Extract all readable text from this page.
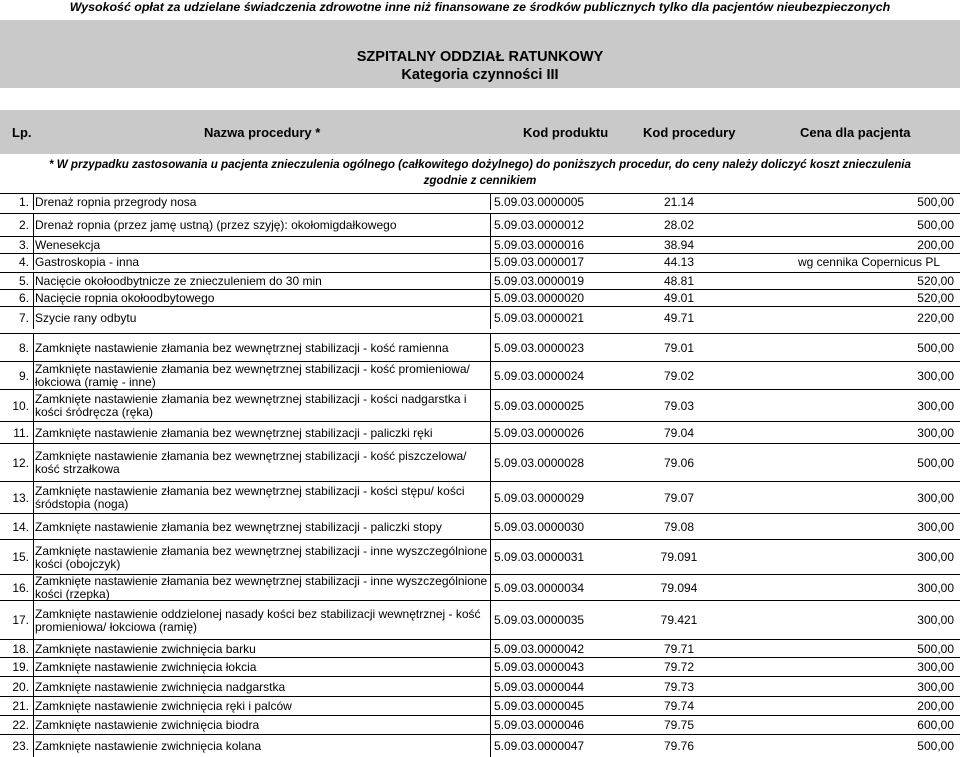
Wysokość opłat za udzielane świadczenia zdrowotne inne niż finansowane ze środków publicznych tylko dla pacjentów nieubezpieczonych
SZPITALNY ODDZIAŁ RATUNKOWY
Kategoria czynności III
Lp.	Nazwa procedury *	Kod produktu	Kod procedury	Cena dla pacjenta
* W przypadku zastosowania u pacjenta znieczulenia ogólnego (całkowitego dożylnego) do poniższych procedur, do ceny należy doliczyć koszt znieczulenia zgodnie z cennikiem
1. Drenaż ropnia przegrody nosa	5.09.03.0000005	21.14	500,00
2. Drenaż ropnia (przez jamę ustną) (przez szyję): okołomigdałkowego	5.09.03.0000012	28.02	500,00
3. Wenesekcja	5.09.03.0000016	38.94	200,00
4. Gastroskopia - inna	5.09.03.0000017	44.13	wg cennika Copernicus PL
5. Nacięcie okołoodbytnicze ze znieczuleniem do 30 min	5.09.03.0000019	48.81	520,00
6. Nacięcie ropnia okołoodbytowego	5.09.03.0000020	49.01	520,00
7. Szycie rany odbytu	5.09.03.0000021	49.71	220,00
8. Zamknięte nastawienie złamania bez wewnętrznej stabilizacji - kość ramienna	5.09.03.0000023	79.01	500,00
9. Zamknięte nastawienie złamania bez wewnętrznej stabilizacji - kość promieniowa/ łokciowa (ramię - inne)	5.09.03.0000024	79.02	300,00
10. Zamknięte nastawienie złamania bez wewnętrznej stabilizacji - kości nadgarstka i kości śródręcza (ręka)	5.09.03.0000025	79.03	300,00
11. Zamknięte nastawienie złamania bez wewnętrznej stabilizacji - paliczki ręki	5.09.03.0000026	79.04	300,00
12. Zamknięte nastawienie złamania bez wewnętrznej stabilizacji - kość piszczelowa/ kość strzałkowa	5.09.03.0000028	79.06	500,00
13. Zamknięte nastawienie złamania bez wewnętrznej stabilizacji - kości stępu/ kości śródstopia (noga)	5.09.03.0000029	79.07	300,00
14. Zamknięte nastawienie złamania bez wewnętrznej stabilizacji - paliczki stopy	5.09.03.0000030	79.08	300,00
15. Zamknięte nastawienie złamania bez wewnętrznej stabilizacji - inne wyszczególnione kości (obojczyk)	5.09.03.0000031	79.091	300,00
16. Zamknięte nastawienie złamania bez wewnętrznej stabilizacji - inne wyszczególnione kości (rzepka)	5.09.03.0000034	79.094	300,00
17. Zamknięte nastawienie oddzielonej nasady kości bez stabilizacji wewnętrznej - kość promieniowa/ łokciowa (ramię)	5.09.03.0000035	79.421	300,00
18. Zamknięte nastawienie zwichnięcia barku	5.09.03.0000042	79.71	500,00
19. Zamknięte nastawienie zwichnięcia łokcia	5.09.03.0000043	79.72	300,00
20. Zamknięte nastawienie zwichnięcia nadgarstka	5.09.03.0000044	79.73	300,00
21. Zamknięte nastawienie zwichnięcia ręki i palców	5.09.03.0000045	79.74	200,00
22. Zamknięte nastawienie zwichnięcia biodra	5.09.03.0000046	79.75	600,00
23. Zamknięte nastawienie zwichnięcia kolana	5.09.03.0000047	79.76	500,00
